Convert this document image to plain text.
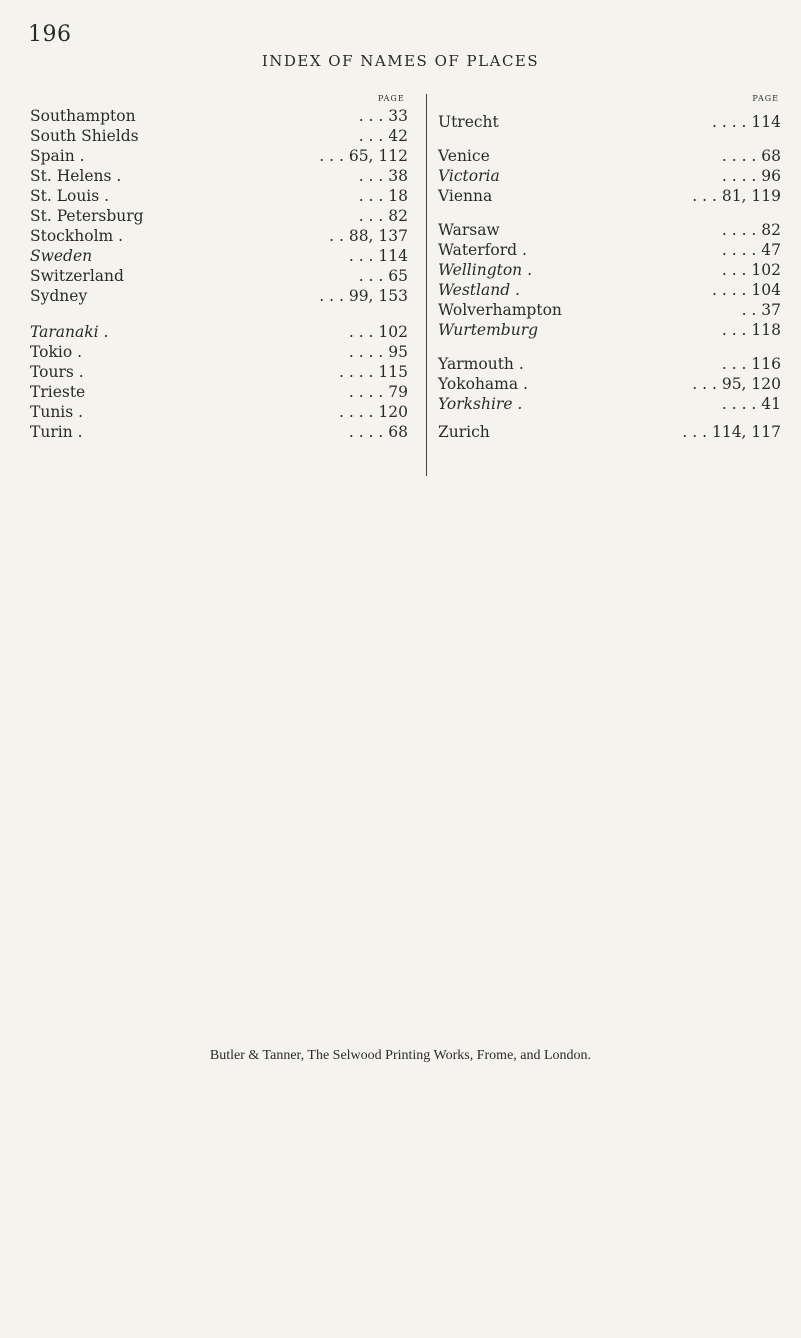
196
INDEX OF NAMES OF PLACES
PAGE
Southampton	. . . 33
South Shields	. . . 42
Spain .	. . . 65, 112
St. Helens .	. . . 38
St. Louis .	. . . 18
St. Petersburg	. . . 82
Stockholm .	. . 88, 137
Sweden	. . . 114
Switzerland	. . . 65
Sydney	. . . 99, 153
Taranaki .	. . . 102
Tokio .	. . . . 95
Tours .	. . . . 115
Trieste	. . . . 79
Tunis .	. . . . 120
Turin .	. . . . 68
PAGE
Utrecht	. . . . 114
Venice	. . . . 68
Victoria	. . . . 96
Vienna	. . . 81, 119
Warsaw	. . . . 82
Waterford .	. . . . 47
Wellington .	. . . 102
Westland .	. . . . 104
Wolverhampton	. . 37
Wurtemburg	. . . 118
Yarmouth .	. . . 116
Yokohama .	. . . 95, 120
Yorkshire .	. . . . 41
Zurich	. . . 114, 117
Butler & Tanner, The Selwood Printing Works, Frome, and London.
